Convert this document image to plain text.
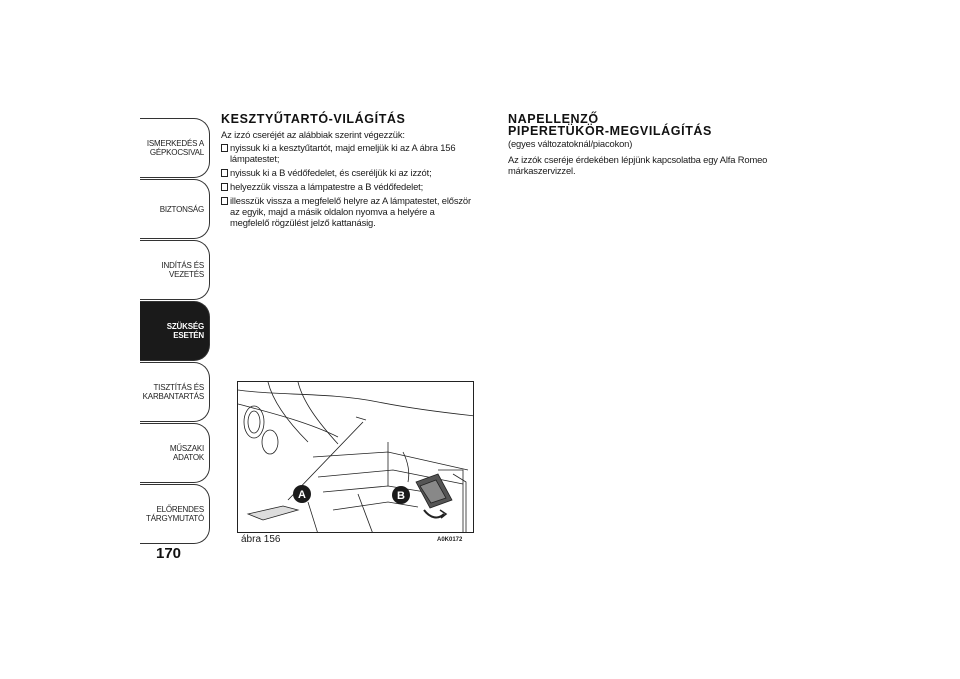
ISMERKEDÉS A
GÉPKOCSIVAL
BIZTONSÁG
INDÍTÁS ÉS VEZETÉS
SZÜKSÉG ESETÉN
TISZTÍTÁS ÉS
KARBANTARTÁS
MŰSZAKI ADATOK
ELŐRENDES
TÁRGYMUTATÓ
170
KESZTYŰTARTÓ-VILÁGÍTÁS

Az izzó cseréjét az alábbiak szerint végezzük:

nyissuk ki a kesztyűtartót, majd emeljük ki az A ábra 156 lámpatestet;
nyissuk ki a B védőfedelet, és cseréljük ki az izzót;
helyezzük vissza a lámpatestre a B védőfedelet;
illesszük vissza a megfelelő helyre az A lámpatestet, először az egyik, majd a másik oldalon nyomva a helyére a megfelelő rögzülést jelző kattanásig.
NAPELLENZŐ
PIPERETÜKÖR-MEGVILÁGÍTÁS

(egyes változatoknál/piacokon)

Az izzók cseréje érdekében lépjünk kapcsolatba egy Alfa Romeo márkaszervizzel.

A	B
ábra 156	A0K0172
